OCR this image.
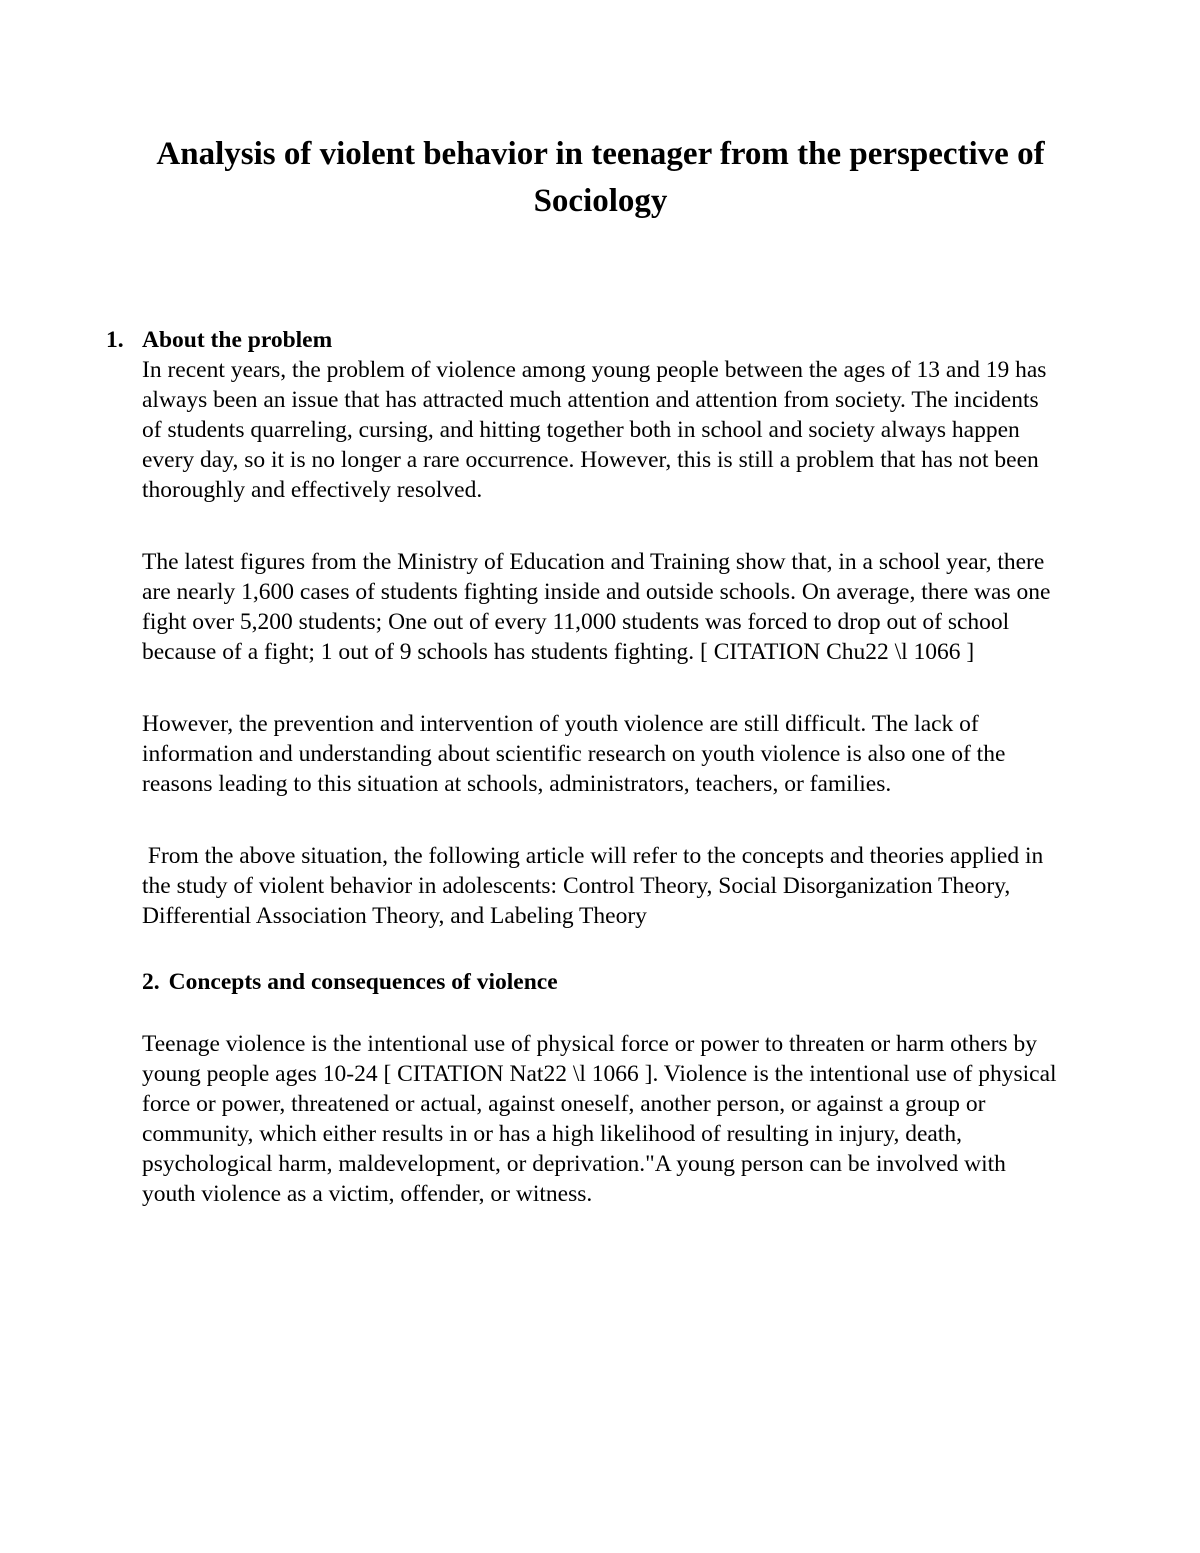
Analysis of violent behavior in teenager from the perspective of Sociology
1. About the problem
In recent years, the problem of violence among young people between the ages of 13 and 19 has always been an issue that has attracted much attention and attention from society. The incidents of students quarreling, cursing, and hitting together both in school and society always happen every day, so it is no longer a rare occurrence. However, this is still a problem that has not been thoroughly and effectively resolved.
The latest figures from the Ministry of Education and Training show that, in a school year, there are nearly 1,600 cases of students fighting inside and outside schools. On average, there was one fight over 5,200 students; One out of every 11,000 students was forced to drop out of school because of a fight; 1 out of 9 schools has students fighting. [ CITATION Chu22 \l 1066 ]
However, the prevention and intervention of youth violence are still difficult. The lack of information and understanding about scientific research on youth violence is also one of the reasons leading to this situation at schools, administrators, teachers, or families.
From the above situation, the following article will refer to the concepts and theories applied in the study of violent behavior in adolescents: Control Theory, Social Disorganization Theory, Differential Association Theory, and Labeling Theory
2. Concepts and consequences of violence
Teenage violence is the intentional use of physical force or power to threaten or harm others by young people ages 10-24 [ CITATION Nat22 \l 1066 ]. Violence is the intentional use of physical force or power, threatened or actual, against oneself, another person, or against a group or community, which either results in or has a high likelihood of resulting in injury, death, psychological harm, maldevelopment, or deprivation."A young person can be involved with youth violence as a victim, offender, or witness.
